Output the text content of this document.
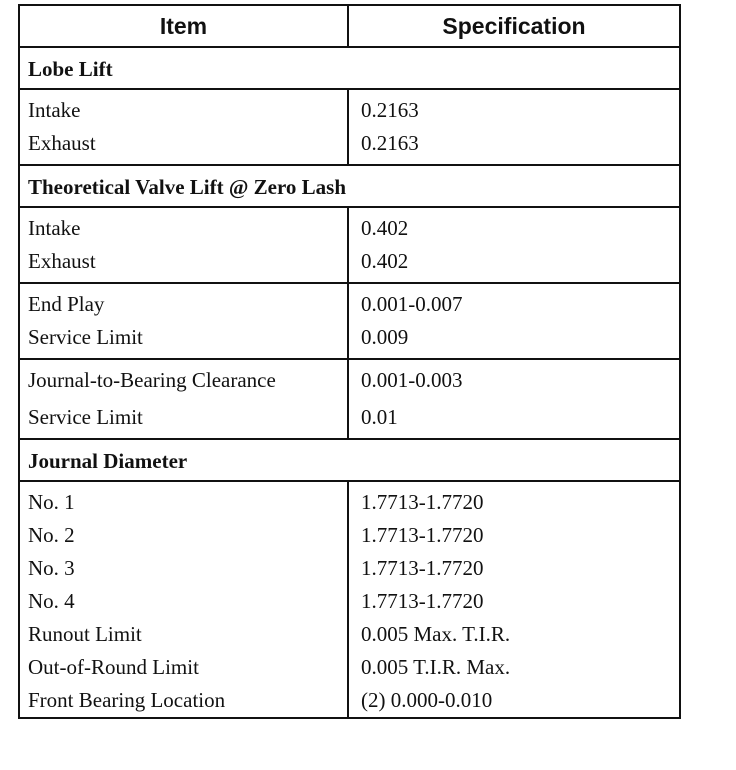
Item	Specification
Lobe Lift	
Intake	0.2163
Exhaust	0.2163
Theoretical Valve Lift @ Zero Lash	
Intake	0.402
Exhaust	0.402
End Play	0.001-0.007
Service Limit	0.009
Journal-to-Bearing Clearance	0.001-0.003
Service Limit	0.01
Journal Diameter	
No. 1	1.7713-1.7720
No. 2	1.7713-1.7720
No. 3	1.7713-1.7720
No. 4	1.7713-1.7720
Runout Limit	0.005 Max. T.I.R.
Out-of-Round Limit	0.005 T.I.R. Max.
Front Bearing Location	(2) 0.000-0.010
